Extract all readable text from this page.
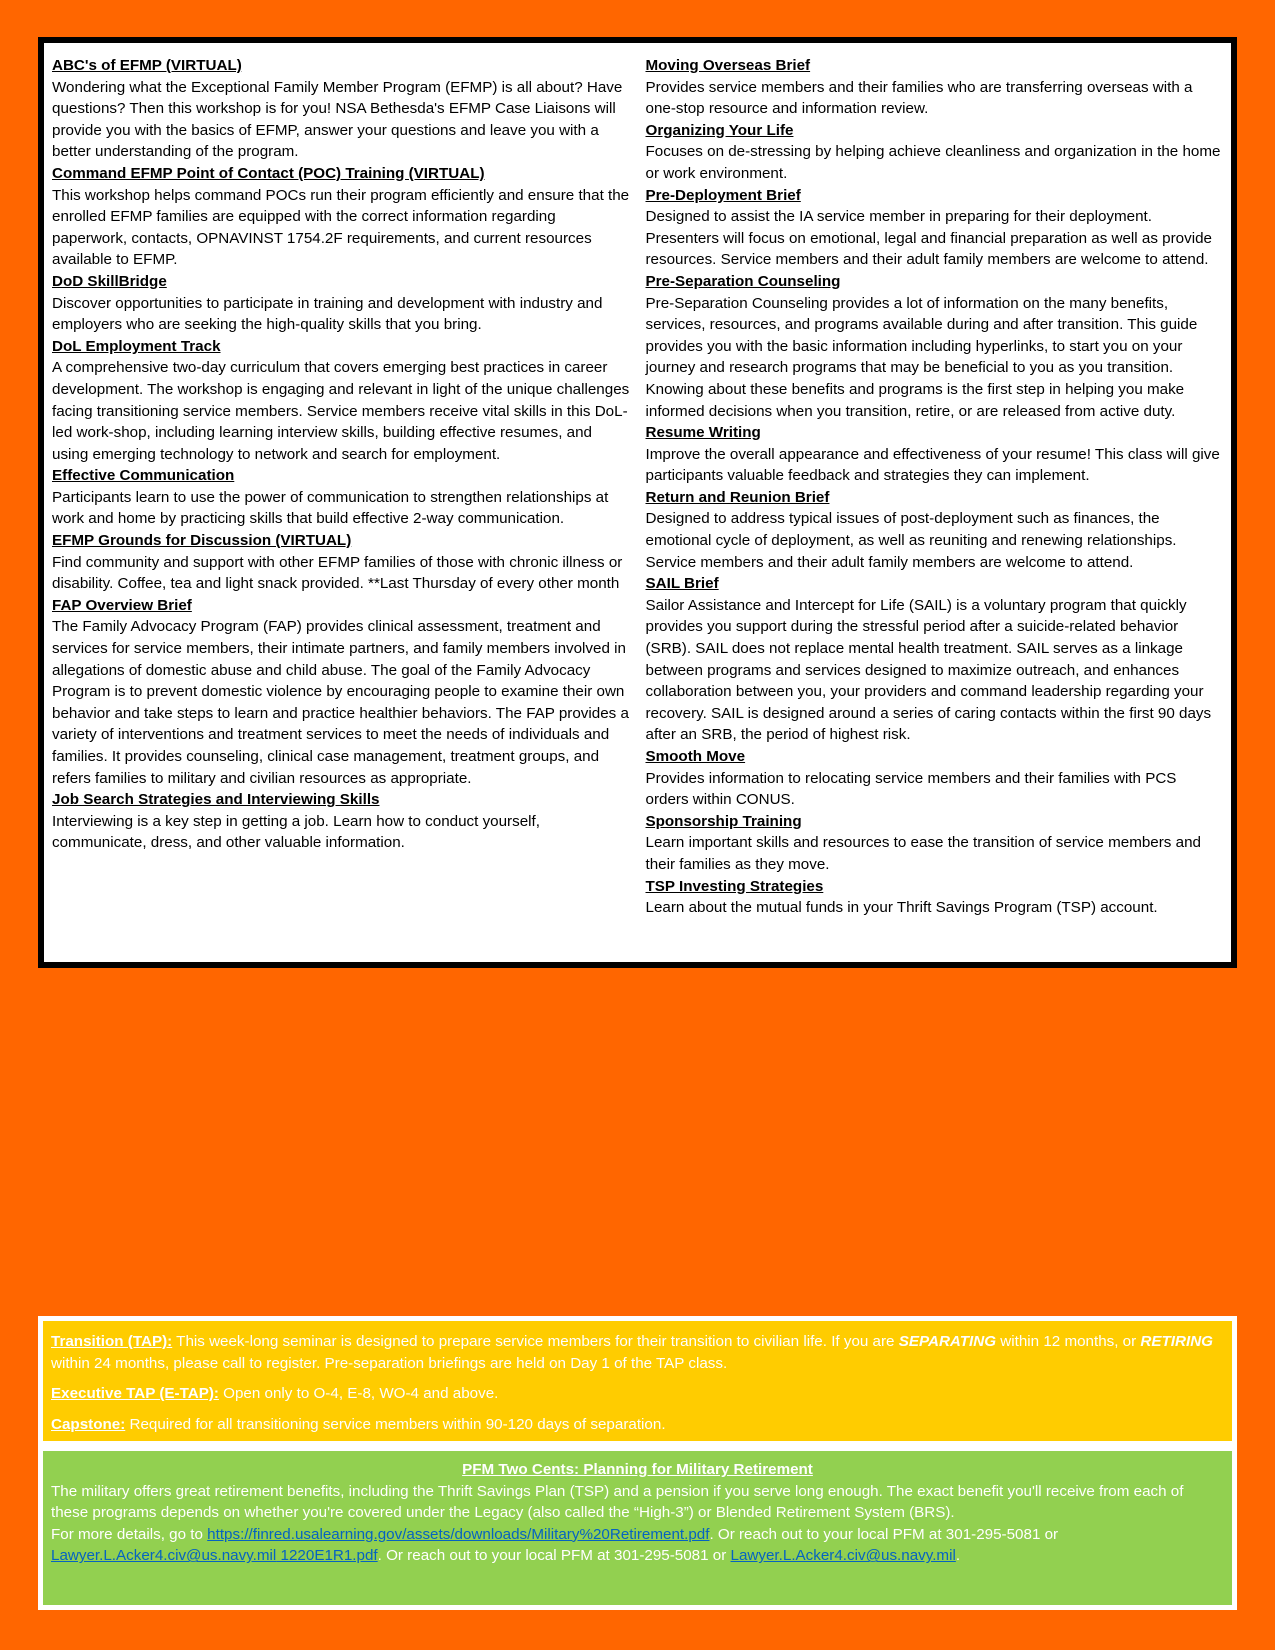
ABC's of EFMP (VIRTUAL)
Wondering what the Exceptional Family Member Program (EFMP) is all about? Have questions? Then this workshop is for you! NSA Bethesda's EFMP Case Liaisons will provide you with the basics of EFMP, answer your questions and leave you with a better understanding of the program.
Command EFMP Point of Contact (POC) Training (VIRTUAL)
This workshop helps command POCs run their program efficiently and ensure that the enrolled EFMP families are equipped with the correct information regarding paperwork, contacts, OPNAVINST 1754.2F requirements, and current resources available to EFMP.
DoD SkillBridge
Discover opportunities to participate in training and development with industry and employers who are seeking the high-quality skills that you bring.
DoL Employment Track
A comprehensive two-day curriculum that covers emerging best practices in career development. The workshop is engaging and relevant in light of the unique challenges facing transitioning service members. Service members receive vital skills in this DoL-led work-shop, including learning interview skills, building effective resumes, and using emerging technology to network and search for employment.
Effective Communication
Participants learn to use the power of communication to strengthen relationships at work and home by practicing skills that build effective 2-way communication.
EFMP Grounds for Discussion (VIRTUAL)
Find community and support with other EFMP families of those with chronic illness or disability. Coffee, tea and light snack provided. **Last Thursday of every other month
FAP Overview Brief
The Family Advocacy Program (FAP) provides clinical assessment, treatment and services for service members, their intimate partners, and family members involved in allegations of domestic abuse and child abuse. The goal of the Family Advocacy Program is to prevent domestic violence by encouraging people to examine their own behavior and take steps to learn and practice healthier behaviors. The FAP provides a variety of interventions and treatment services to meet the needs of individuals and families. It provides counseling, clinical case management, treatment groups, and refers families to military and civilian resources as appropriate.
Job Search Strategies and Interviewing Skills
Interviewing is a key step in getting a job. Learn how to conduct yourself, communicate, dress, and other valuable information.
Moving Overseas Brief
Provides service members and their families who are transferring overseas with a one-stop resource and information review.
Organizing Your Life
Focuses on de-stressing by helping achieve cleanliness and organization in the home or work environment.
Pre-Deployment Brief
Designed to assist the IA service member in preparing for their deployment. Presenters will focus on emotional, legal and financial preparation as well as provide resources. Service members and their adult family members are welcome to attend.
Pre-Separation Counseling
Pre-Separation Counseling provides a lot of information on the many benefits, services, resources, and programs available during and after transition. This guide provides you with the basic information including hyperlinks, to start you on your journey and research programs that may be beneficial to you as you transition. Knowing about these benefits and programs is the first step in helping you make informed decisions when you transition, retire, or are released from active duty.
Resume Writing
Improve the overall appearance and effectiveness of your resume! This class will give participants valuable feedback and strategies they can implement.
Return and Reunion Brief
Designed to address typical issues of post-deployment such as finances, the emotional cycle of deployment, as well as reuniting and renewing relationships. Service members and their adult family members are welcome to attend.
SAIL Brief
Sailor Assistance and Intercept for Life (SAIL) is a voluntary program that quickly provides you support during the stressful period after a suicide-related behavior (SRB). SAIL does not replace mental health treatment. SAIL serves as a linkage between programs and services designed to maximize outreach, and enhances collaboration between you, your providers and command leadership regarding your recovery. SAIL is designed around a series of caring contacts within the first 90 days after an SRB, the period of highest risk.
Smooth Move
Provides information to relocating service members and their families with PCS orders within CONUS.
Sponsorship Training
Learn important skills and resources to ease the transition of service members and their families as they move.
TSP Investing Strategies
Learn about the mutual funds in your Thrift Savings Program (TSP) account.

Transition (TAP): This week-long seminar is designed to prepare service members for their transition to civilian life. If you are SEPARATING within 12 months, or RETIRING within 24 months, please call to register. Pre-separation briefings are held on Day 1 of the TAP class.

Executive TAP (E-TAP): Open only to O-4, E-8, WO-4 and above.

Capstone: Required for all transitioning service members within 90-120 days of separation.

PFM Two Cents: Planning for Military Retirement
The military offers great retirement benefits, including the Thrift Savings Plan (TSP) and a pension if you serve long enough. The exact benefit you'll receive from each of these programs depends on whether you're covered under the Legacy (also called the “High-3”) or Blended Retirement System (BRS).
For more details, go to https://finred.usalearning.gov/assets/downloads/Military%20Retirement.pdf. Or reach out to your local PFM at 301-295-5081 or Lawyer.L.Acker4.civ@us.navy.mil 1220E1R1.pdf. Or reach out to your local PFM at 301-295-5081 or Lawyer.L.Acker4.civ@us.navy.mil.
